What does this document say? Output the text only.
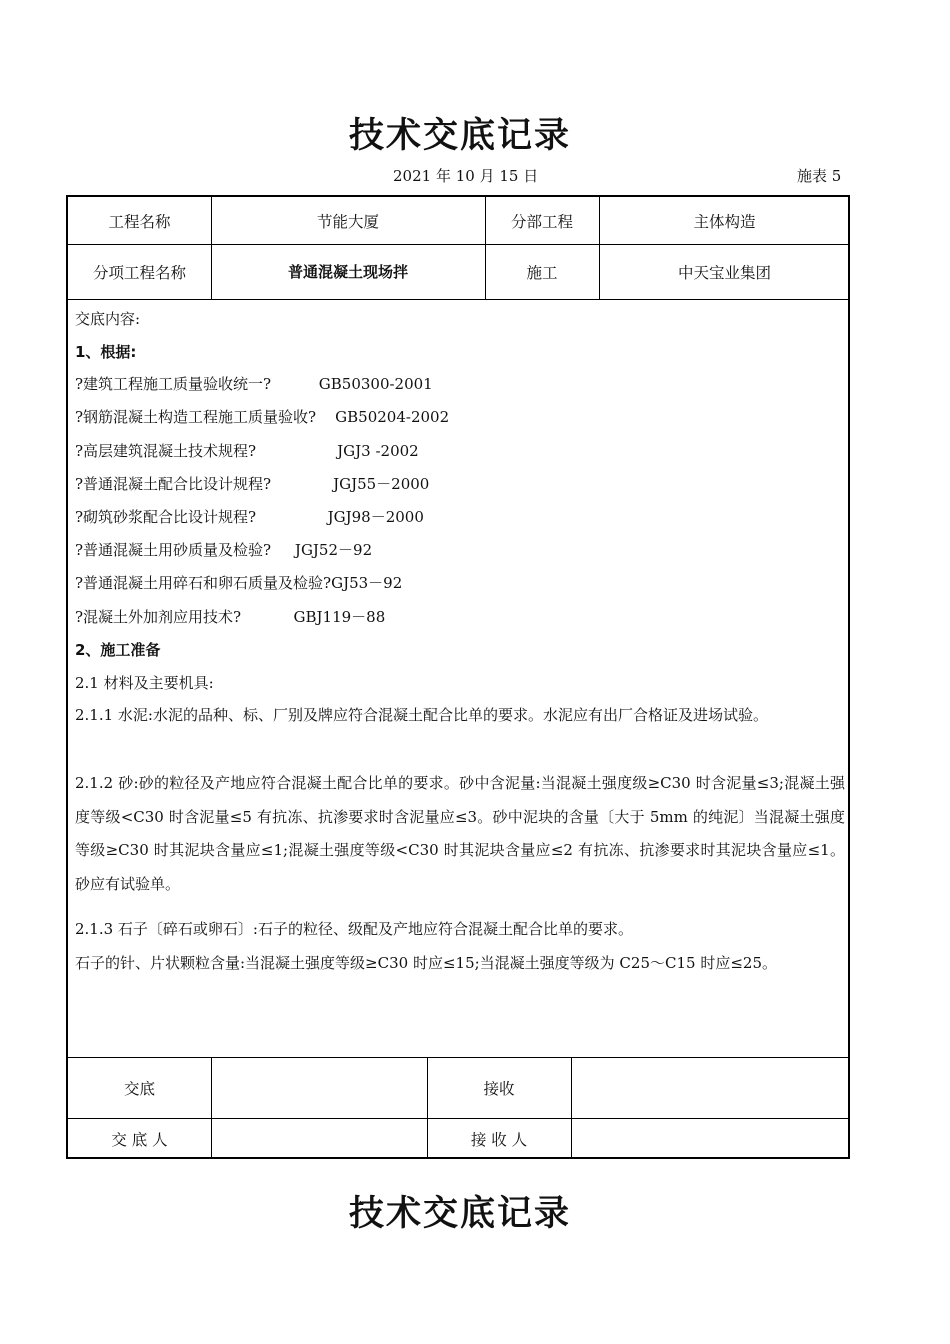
技术交底记录
2021 年 10 月 15 日	施表 5
工程名称	节能大厦	分部工程	主体构造
分项工程名称	普通混凝土现场拌	施工	中天宝业集团
交底	接收
交 底 人	接 收 人
交底内容:
1、根据:
?建筑工程施工质量验收统一?          GB50300-2001
?钢筋混凝土构造工程施工质量验收?    GB50204-2002
?高层建筑混凝土技术规程?                 JGJ3 -2002
?普通混凝土配合比设计规程?             JGJ55－2000
?砌筑砂浆配合比设计规程?               JGJ98－2000
?普通混凝土用砂质量及检验?     JGJ52－92
?普通混凝土用碎石和卵石质量及检验?GJ53－92
?混凝土外加剂应用技术?           GBJ119－88
2、施工准备
2.1 材料及主要机具:
2.1.1 水泥:水泥的品种、标、厂别及牌应符合混凝土配合比单的要求。水泥应有出厂合格证及进场试验。
2.1.2 砂:砂的粒径及产地应符合混凝土配合比单的要求。砂中含泥量:当混凝土强度级≥C30 时含泥量≤3;混凝土强度等级<C30 时含泥量≤5 有抗冻、抗渗要求时含泥量应≤3。砂中泥块的含量〔大于 5mm 的纯泥〕当混凝土强度等级≥C30 时其泥块含量应≤1;混凝土强度等级<C30 时其泥块含量应≤2 有抗冻、抗渗要求时其泥块含量应≤1。砂应有试验单。
2.1.3 石子〔碎石或卵石〕:石子的粒径、级配及产地应符合混凝土配合比单的要求。
石子的针、片状颗粒含量:当混凝土强度等级≥C30 时应≤15;当混凝土强度等级为 C25～C15 时应≤25。
技术交底记录
